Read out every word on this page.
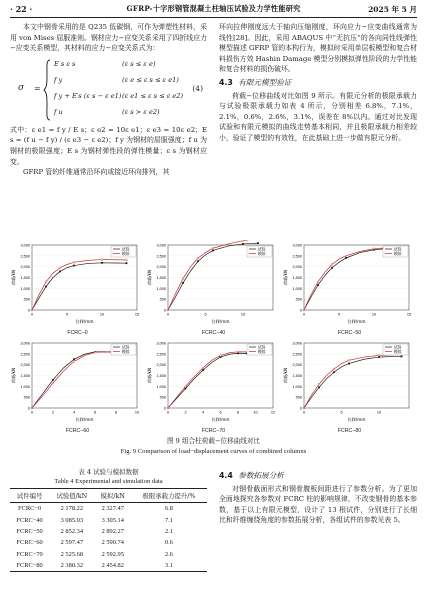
· 22 ·	GFRP-十字形钢管混凝土柱轴压试验及力学性能研究	2025 年 5 月

本文中钢骨采用的是 Q235 低碳钢，可作为弹塑性材料，采用 von Mises 屈服准则。钢材应力−应变关系采用了四折线应力−应变关系模型，其材料的应力−应变关系式为：

σ =
E s ε s	(ε s ≤ ε e)
f y	(ε e ≤ ε s ≤ ε e1)
f y + E′s (ε s − ε e1) (ε e1 ≤ ε s ≤ ε e2)
f u	(ε s > ε e2)
(4)

式中：ε e1 = f y / E s；ε e2 = 10ε e1；ε e3 = 10ε e2；E s = (f u − f y) / (ε e3 − ε e2)；f y 为钢材的屈服强度；f u 为钢材的极限强度；E s 为钢材弹性段的弹性模量；ε s 为钢材应变。

GFRP 管的纤维通常沿环向或接近环向排列，其

环向拉伸刚度远大于轴向压缩刚度，环向应力−应变曲线通常为线性[28]。因此，采用 ABAQUS 中“无抗压”的各向同性线弹性模型描述 GFRP 管的本构行为，模拟时采用单层板模型和复合材料损伤方效 Hashin Damage 模型分别模拟弹性阶段的力学性能和复合材料的损伤破坏。

4.3 有限元模型验证

荷载−位移曲线对比如图 9 所示。有限元分析的极限承载力与试验极限承载力如表 4 所示，分别相差 6.8%，7.1%，2.1%，0.6%，2.6%，3.1%，误差在 8%以内。通过对比发现试验和有限元模拟的曲线走势基本相同，并且极限承载力相差较小，验证了模型的有效性，在此基础上进一步做有限元分析。

0
500
1,000
1,500
2,000
2,500
3,000
0	5	10	15
荷载/kN
位移/mm
试验
模拟
FCRC−0
0
500
1,000
1,500
2,000
2,500
3,000
0	5	10
荷载/kN
位移/mm
试验
模拟
FCRC−40
0
500
1,000
1,500
2,000
2,500
3,000
0	5	10	15
荷载/kN
位移/mm
试验
模拟
FCRC−50
0
500
1,000
1,500
2,000
2,500
3,000
0	2	4	6	8	10
荷载/kN
位移/mm
试验
模拟
FCRC−60
0
500
1,000
1,500
2,000
2,500
3,000
0	2	4	6	8	10	12
荷载/kN
位移/mm
试验
模拟
FCRC−70
0
500
1,000
1,500
2,000
2,500
3,000
0	5	10
荷载/kN
位移/mm
试验
模拟
FCRC−80
图 9 组合柱荷载−位移曲线对比
Fig. 9 Comparison of load−displacement curves of combined columns
表 4 试验与模拟数据
Table 4 Experimental and simulation data
试件编号	试验值/kN	模拟/kN	极限承载力提升/%
FCRC−0	2 178.22	2 327.47	6.8
FCRC−40	3 085.93	3 305.14	7.1
FCRC−50	2 852.34	2 892.27	2.1
FCRC−60	2 597.47	2 590.74	0.6
FCRC−70	2 525.68	2 592.95	2.6
FCRC−80	2 380.32	2 454.82	3.1
4.4 参数拓展分析

对钢骨截面形式和钢骨腹板间距进行了参数分析。为了更加全面地探究各参数对 FCRC 柱的影响规律，不改变钢骨的基本参数，基于以上有限元模型，设计了 13 根试件，分别进行了长细比和纤维缠绕角度的参数拓展分析，各组试件的参数见表 5。
